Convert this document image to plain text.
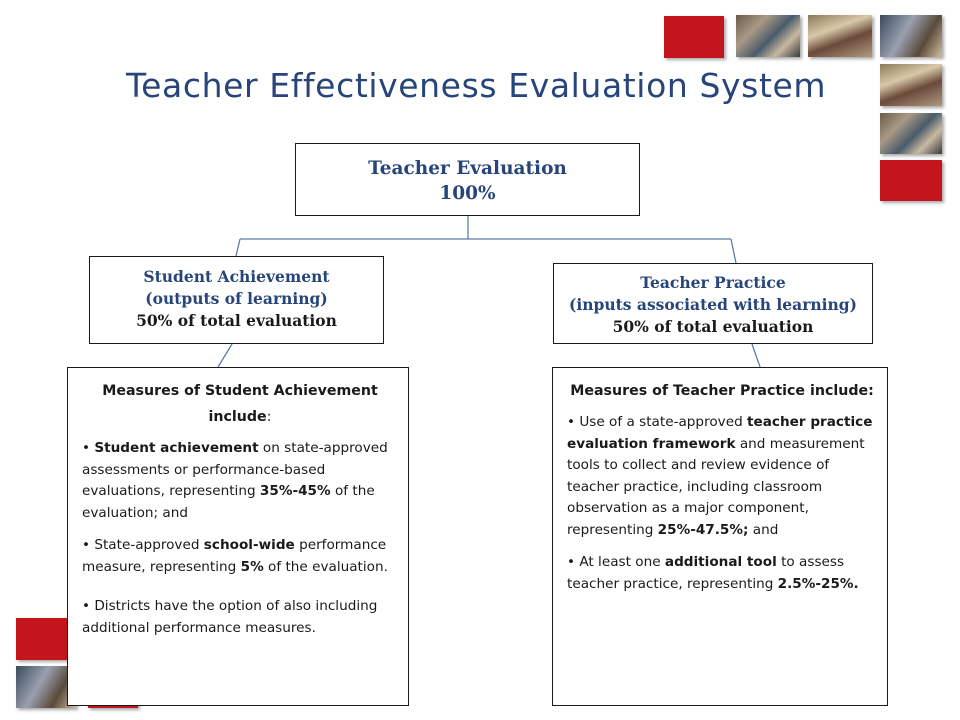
Teacher Effectiveness Evaluation System
Teacher Evaluation
100%
Student Achievement
(outputs of learning)
50% of total evaluation
Teacher Practice
(inputs associated with learning)
50% of total evaluation
Measures of Student Achievement include:

• Student achievement on state-approved assessments or performance-based evaluations, representing 35%-45% of the evaluation; and

• State-approved school-wide performance measure, representing 5% of the evaluation.

• Districts have the option of also including additional performance measures.

Measures of Teacher Practice include:

• Use of a state-approved teacher practice evaluation framework and measurement tools to collect and review evidence of teacher practice, including classroom observation as a major component, representing 25%-47.5%; and

• At least one additional tool to assess teacher practice, representing 2.5%-25%.
